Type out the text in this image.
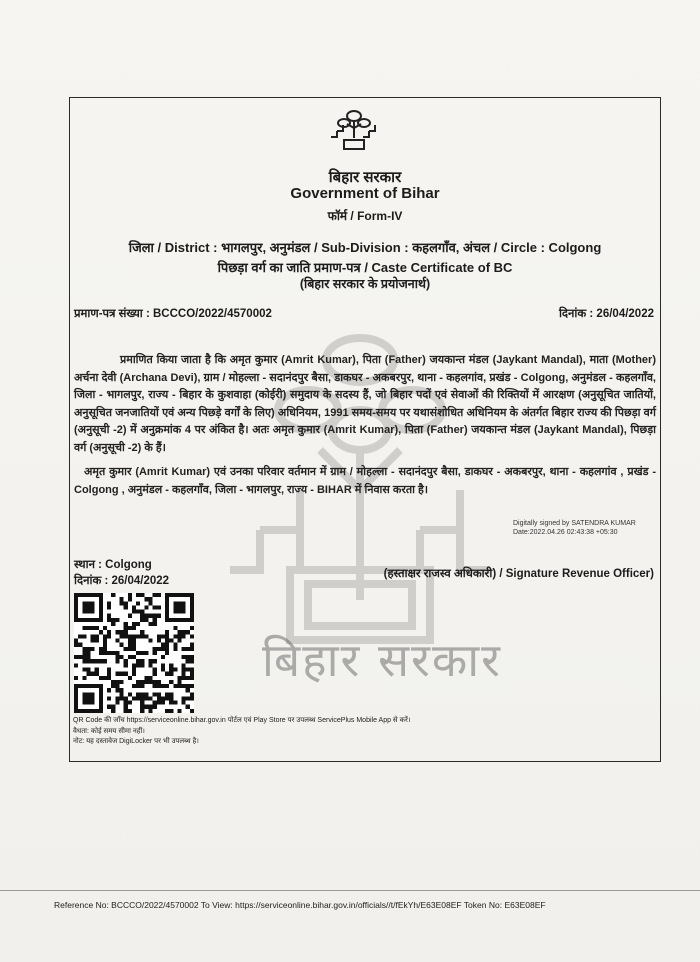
बिहार सरकार
बिहार सरकार
Government of Bihar
फॉर्म / Form-IV
जिला / District : भागलपुर, अनुमंडल / Sub-Division : कहलगाँव, अंचल / Circle : Colgong
पिछड़ा वर्ग का जाति प्रमाण-पत्र / Caste Certificate of BC
(बिहार सरकार के प्रयोजनार्थ)
प्रमाण-पत्र संख्या : BCCCO/2022/4570002	दिनांक : 26/04/2022
प्रमाणित किया जाता है कि अमृत कुमार (Amrit Kumar), पिता (Father) जयकान्त मंडल (Jaykant Mandal), माता (Mother) अर्चना देवी (Archana Devi), ग्राम / मोहल्ला - सदानंदपुर बैसा, डाकघर - अकबरपुर, थाना - कहलगांव, प्रखंड - Colgong, अनुमंडल - कहलगाँव, जिला - भागलपुर, राज्य - बिहार के कुशवाहा (कोईरी) समुदाय के सदस्य हैं, जो बिहार पदों एवं सेवाओं की रिक्तियों में आरक्षण (अनुसूचित जातियों, अनुसूचित जनजातियों एवं अन्य पिछड़े वर्गों के लिए) अधिनियम, 1991 समय-समय पर यथासंशोधित अधिनियम के अंतर्गत बिहार राज्य की पिछड़ा वर्ग (अनुसूची -2) में अनुक्रमांक 4 पर अंकित है। अतः अमृत कुमार (Amrit Kumar), पिता (Father) जयकान्त मंडल (Jaykant Mandal), पिछड़ा वर्ग (अनुसूची -2) के हैं।
अमृत कुमार (Amrit Kumar) एवं उनका परिवार वर्तमान में ग्राम / मोहल्ला - सदानंदपुर बैसा, डाकघर - अकबरपुर, थाना - कहलगांव , प्रखंड - Colgong , अनुमंडल - कहलगाँव, जिला - भागलपुर, राज्य - BIHAR में निवास करता है।
Digitally signed by SATENDRA KUMAR
Date:2022.04.26 02:43:38 +05:30
स्थान : Colgong
दिनांक : 26/04/2022
(हस्ताक्षर राजस्व अधिकारी) / Signature Revenue Officer)
QR Code की जाँच https://serviceonline.bihar.gov.in पोर्टल एवं Play Store पर उपलब्ध ServicePlus Mobile App से करें।
वैधता: कोई समय सीमा नहीं।
नोट: यह दस्तावेज DigiLocker पर भी उपलब्ध है।
Reference No: BCCCO/2022/4570002 To View: https://serviceonline.bihar.gov.in/officials//t/fEkYh/E63E08EF Token No: E63E08EF
